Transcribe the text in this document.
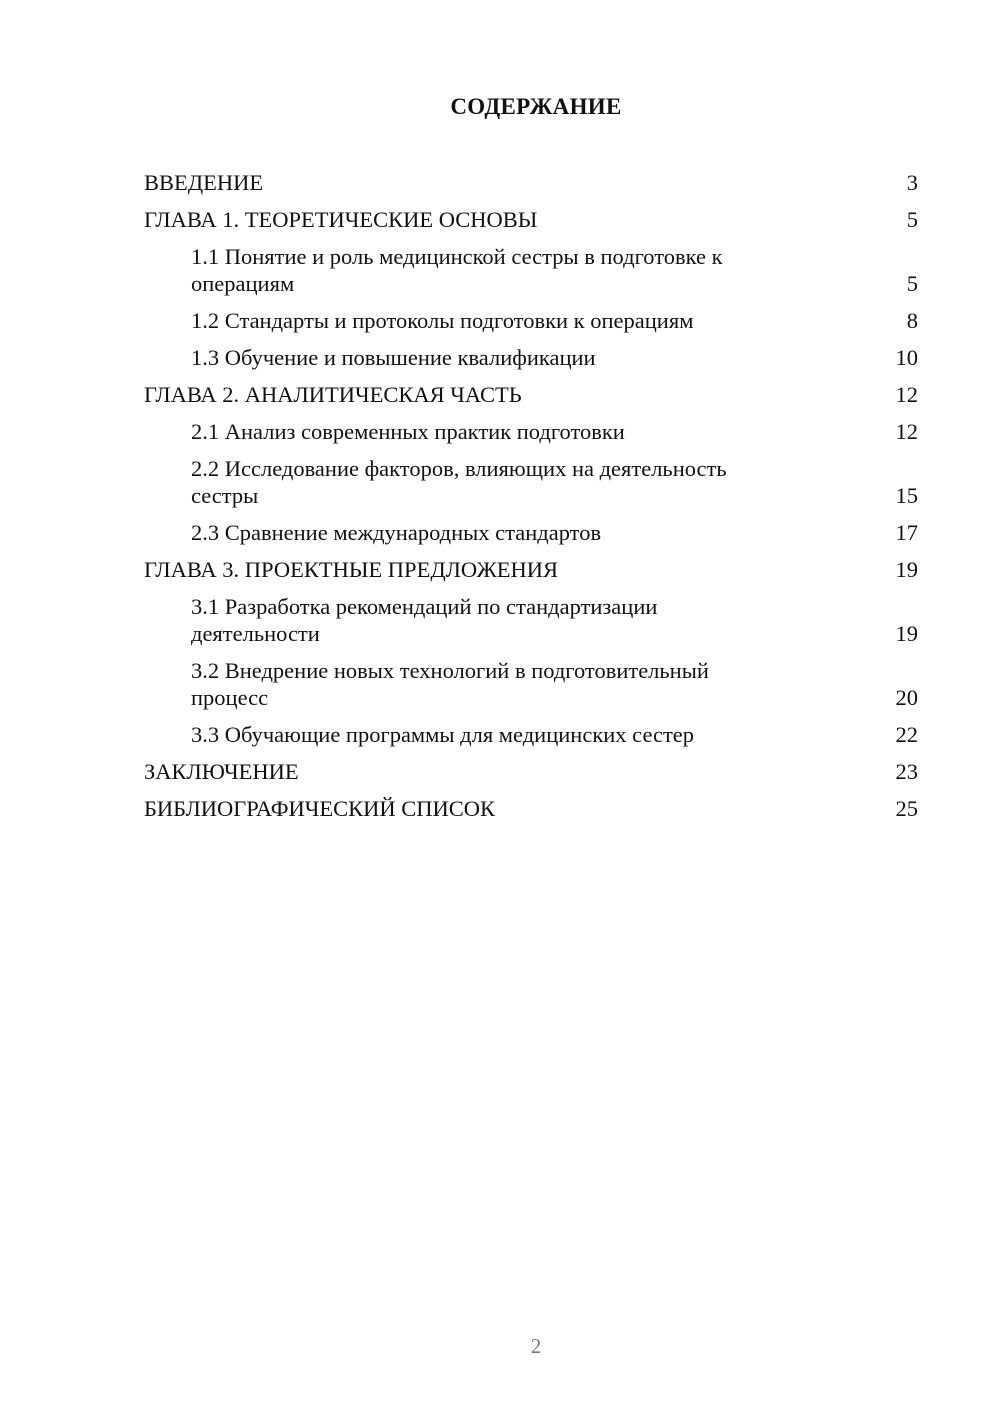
СОДЕРЖАНИЕ
ВВЕДЕНИЕ	3
ГЛАВА 1. ТЕОРЕТИЧЕСКИЕ ОСНОВЫ	5
1.1 Понятие и роль медицинской сестры в подготовке к операциям	5
1.2 Стандарты и протоколы подготовки к операциям	8
1.3 Обучение и повышение квалификации	10
ГЛАВА 2. АНАЛИТИЧЕСКАЯ ЧАСТЬ	12
2.1 Анализ современных практик подготовки	12
2.2 Исследование факторов, влияющих на деятельность сестры	15
2.3 Сравнение международных стандартов	17
ГЛАВА 3. ПРОЕКТНЫЕ ПРЕДЛОЖЕНИЯ	19
3.1 Разработка рекомендаций по стандартизации деятельности	19
3.2 Внедрение новых технологий в подготовительный процесс	20
3.3 Обучающие программы для медицинских сестер	22
ЗАКЛЮЧЕНИЕ	23
БИБЛИОГРАФИЧЕСКИЙ СПИСОК	25
2
